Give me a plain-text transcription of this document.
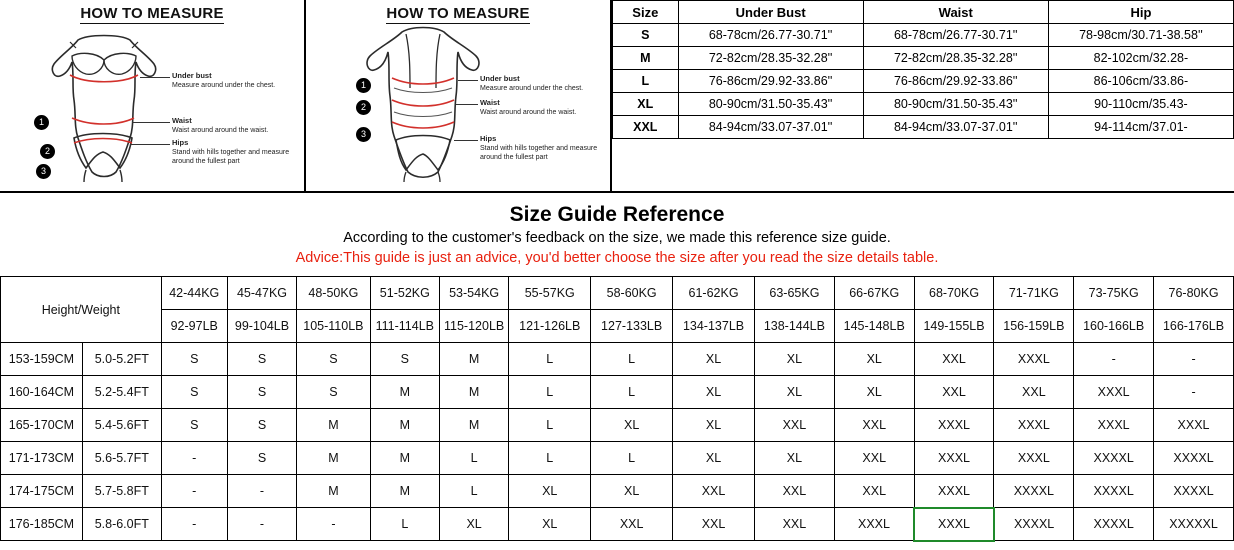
HOW TO MEASURE
1
2
3
Under bust
Measure around under the chest.
Waist
Waist around around the waist.
Hips
Stand with hills together and measure around the fullest part
HOW TO MEASURE
1
2
3
Under bust
Measure around under the chest.
Waist
Waist around around the waist.
Hips
Stand with hills together and measure around the fullest part
Size	Under Bust	Waist	Hip
S	68-78cm/26.77-30.71''	68-78cm/26.77-30.71''	78-98cm/30.71-38.58''
M	72-82cm/28.35-32.28''	72-82cm/28.35-32.28''	82-102cm/32.28-
L	76-86cm/29.92-33.86''	76-86cm/29.92-33.86''	86-106cm/33.86-
XL	80-90cm/31.50-35.43''	80-90cm/31.50-35.43''	90-110cm/35.43-
XXL	84-94cm/33.07-37.01''	84-94cm/33.07-37.01''	94-114cm/37.01-

Size Guide Reference
According to the customer's feedback on the size, we made this reference size guide.
Advice:This guide is just an advice, you'd better choose the size after you read the size details table.
Height/Weight		42-44KG	45-47KG	48-50KG	51-52KG	53-54KG	55-57KG	58-60KG	61-62KG	63-65KG	66-67KG	68-70KG	71-71KG	73-75KG	76-80KG
		92-97LB	99-104LB	105-110LB	111-114LB	115-120LB	121-126LB	127-133LB	134-137LB	138-144LB	145-148LB	149-155LB	156-159LB	160-166LB	166-176LB
153-159CM	5.0-5.2FT	S	S	S	S	M	L	L	XL	XL	XL	XXL	XXXL	-	-
160-164CM	5.2-5.4FT	S	S	S	M	M	L	L	XL	XL	XL	XXL	XXL	XXXL	-
165-170CM	5.4-5.6FT	S	S	M	M	M	L	XL	XL	XXL	XXL	XXXL	XXXL	XXXL	XXXL
171-173CM	5.6-5.7FT	-	S	M	M	L	L	L	XL	XL	XXL	XXXL	XXXL	XXXXL	XXXXL
174-175CM	5.7-5.8FT	-	-	M	M	L	XL	XL	XXL	XXL	XXL	XXXL	XXXXL	XXXXL	XXXXL
176-185CM	5.8-6.0FT	-	-	-	L	XL	XL	XXL	XXL	XXL	XXXL	XXXL	XXXXL	XXXXL	XXXXXL
